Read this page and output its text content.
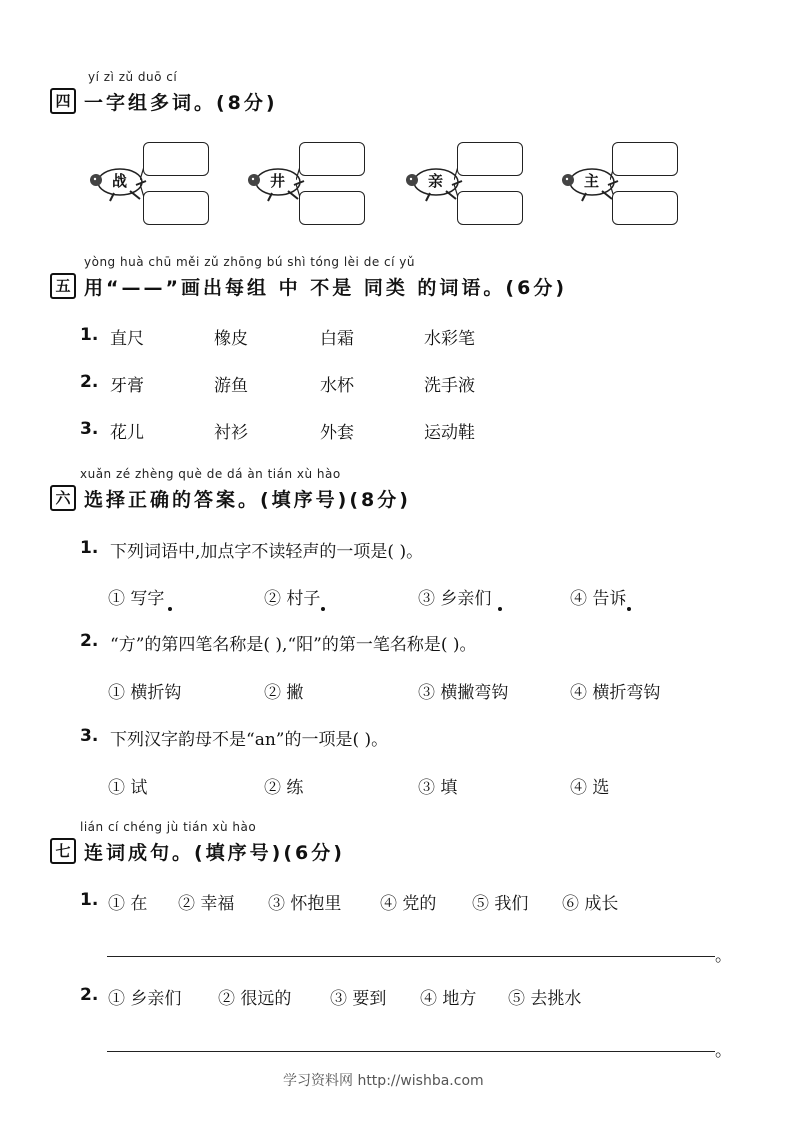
yí zì zǔ duō cí
四 一字组多词。(8分)
战	井	亲	主
yòng huà chū měi zǔ zhōng bú shì tóng lèi de cí yǔ
五 用“——”画出每组 中 不是 同类 的词语。(6分)
1. 直尺	橡皮	白霜	水彩笔
2. 牙膏	游鱼	水杯	洗手液
3. 花儿	衬衫	外套	运动鞋
xuǎn zé zhèng què de dá àn tián xù hào
六 选择正确的答案。(填序号)(8分)
1. 下列词语中,加点字不读轻声的一项是( )。
① 写字	② 村子	③ 乡亲们	④ 告诉
2. “方”的第四笔名称是( ),“阳”的第一笔名称是( )。
① 横折钩	② 撇	③ 横撇弯钩	④ 横折弯钩
3. 下列汉字韵母不是“an”的一项是( )。
① 试	② 练	③ 填	④ 选
lián cí chéng jù tián xù hào
七 连词成句。(填序号)(6分)
1. ① 在 ② 幸福 ③ 怀抱里 ④ 党的 ⑤ 我们 ⑥ 成长
。
2. ① 乡亲们 ② 很远的 ③ 要到 ④ 地方 ⑤ 去挑水
。
学习资料网 http://wishba.com
